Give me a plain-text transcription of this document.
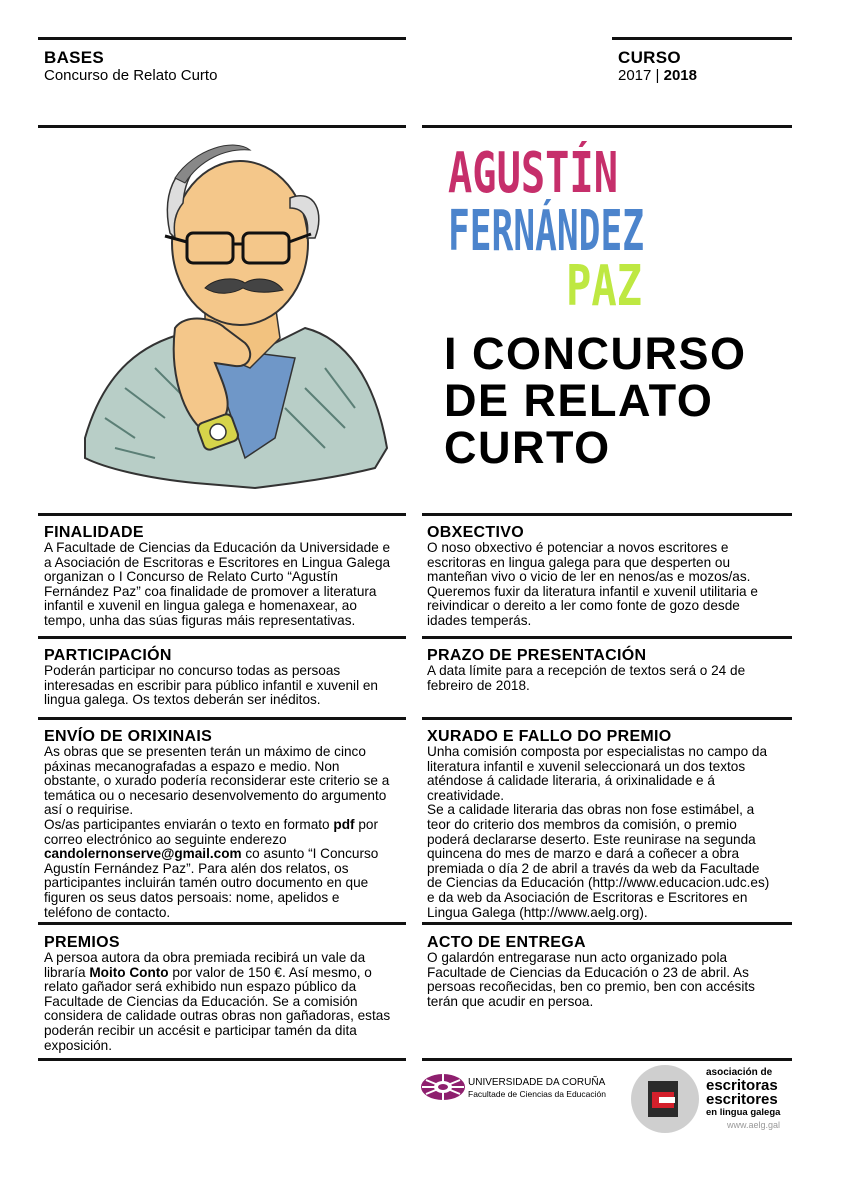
BASES
Concurso de Relato Curto
CURSO
2017 | 2018
AGUSTÍN
FERNÁNDEZ
PAZ
I CONCURSO
DE RELATO
CURTO
FINALIDADE

A Facultade de Ciencias da Educación da Universidade e
a Asociación de Escritoras e Escritores en Lingua Galega
organizan o I Concurso de Relato Curto “Agustín
Fernández Paz” coa finalidade de promover a literatura
infantil e xuvenil en lingua galega e homenaxear, ao
tempo, unha das súas figuras máis representativas.

OBXECTIVO

O noso obxectivo é potenciar a novos escritores e
escritoras en lingua galega para que desperten ou
manteñan vivo o vicio de ler en nenos/as e mozos/as.
Queremos fuxir da literatura infantil e xuvenil utilitaria e
reivindicar o dereito a ler como fonte de gozo desde
idades temperás.

PARTICIPACIÓN

Poderán participar no concurso todas as persoas
interesadas en escribir para público infantil e xuvenil en
lingua galega. Os textos deberán ser inéditos.

PRAZO DE PRESENTACIÓN

A data límite para a recepción de textos será o 24 de
febreiro de 2018.

ENVÍO DE ORIXINAIS

As obras que se presenten terán un máximo de cinco
páxinas mecanografadas a espazo e medio. Non
obstante, o xurado podería reconsiderar este criterio se a
temática ou o necesario desenvolvemento do argumento
así o requirise.
Os/as participantes enviarán o texto en formato pdf por
correo electrónico ao seguinte enderezo
candolernonserve@gmail.com co asunto “I Concurso
Agustín Fernández Paz”. Para alén dos relatos, os
participantes incluirán tamén outro documento en que
figuren os seus datos persoais: nome, apelidos e
teléfono de contacto.

XURADO E FALLO DO PREMIO

Unha comisión composta por especialistas no campo da
literatura infantil e xuvenil seleccionará un dos textos
aténdose á calidade literaria, á orixinalidade e á
creatividade.
Se a calidade literaria das obras non fose estimábel, a
teor do criterio dos membros da comisión, o premio
poderá declararse deserto. Este reunirase na segunda
quincena do mes de marzo e dará a coñecer a obra
premiada o día 2 de abril a través da web da Facultade
de Ciencias da Educación (http://www.educacion.udc.es)
e da web da Asociación de Escritoras e Escritores en
Lingua Galega (http://www.aelg.org).

PREMIOS

A persoa autora da obra premiada recibirá un vale da
libraría Moito Conto por valor de 150 €. Así mesmo, o
relato gañador será exhibido nun espazo público da
Facultade de Ciencias da Educación. Se a comisión
considera de calidade outras obras non gañadoras, estas
poderán recibir un accésit e participar tamén da dita
exposición.

ACTO DE ENTREGA

O galardón entregarase nun acto organizado pola
Facultade de Ciencias da Educación o 23 de abril. As
persoas recoñecidas, ben co premio, ben con accésits
terán que acudir en persoa.

UNIVERSIDADE DA CORUÑA
Facultade de Ciencias da Educación
asociación de
escritoras
escritores
en lingua galega
www.aelg.gal
